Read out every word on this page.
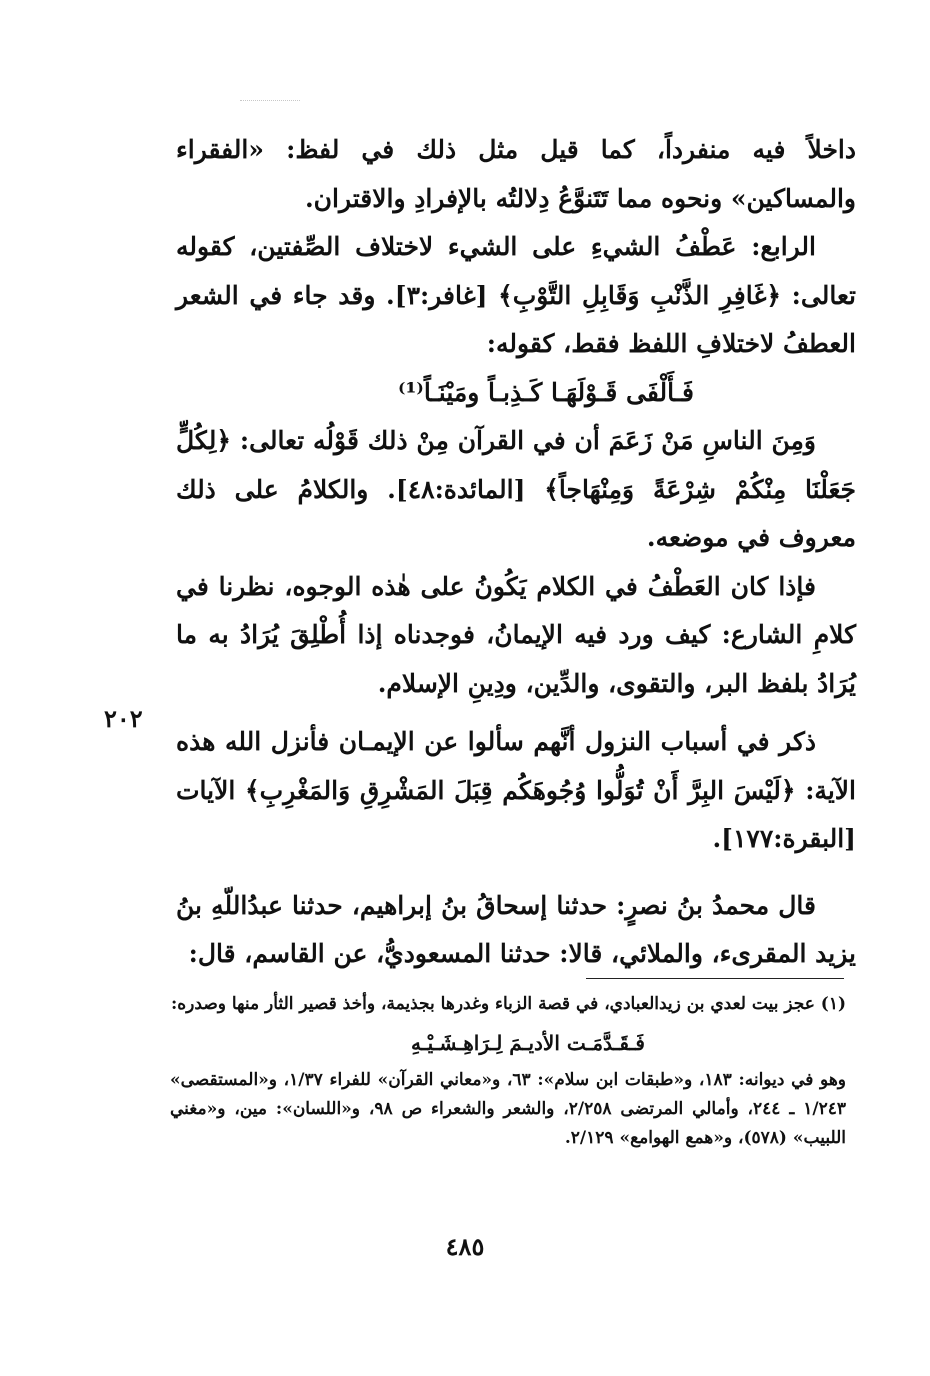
داخلاً فيه منفرداً، كما قيل مثل ذلك في لفظ: «الفقراء والمساكين» ونحوه مما تَتَنوَّعُ دِلالتُه بالإفرادِ والاقتران.

الرابع: عَطْفُ الشيءِ على الشيء لاختلاف الصِّفتين، كقوله تعالى: ﴿غَافِرِ الذَّنْبِ وَقَابِلِ التَّوْبِ﴾ [غافر:٣]. وقد جاء في الشعر العطفُ لاختلافِ اللفظ فقط، كقوله:

فَـأَلْفَى قَـوْلَهَـا كَـذِبـاً ومَيْنَـاً⁽¹⁾

وَمِنَ الناسِ مَنْ زَعَمَ أن في القرآن مِنْ ذلك قَوْلُه تعالى: ﴿لِكُلٍّ جَعَلْنَا مِنْكُمْ شِرْعَةً وَمِنْهَاجاً﴾ [المائدة:٤٨]. والكلامُ على ذلك معروف في موضعه.

فإذا كان العَطْفُ في الكلام يَكُونُ على هٰذه الوجوه، نظرنا في كلامِ الشارع: كيف ورد فيه الإيمانُ، فوجدناه إذا أُطْلِقَ يُرَادُ به ما يُرَادُ بلفظ البر، والتقوى، والدِّين، ودِينِ الإسلام.

ذكر في أسباب النزول أنَّهم سألوا عن الإيمـان فأنزل الله هذه الآية: ﴿لَيْسَ البِرَّ أَنْ تُوَلُّوا وُجُوهَكُم قِبَلَ المَشْرِقِ وَالمَغْرِبِ﴾ الآيات [البقرة:١٧٧].

قال محمدُ بنُ نصرٍ: حدثنا إسحاقُ بنُ إبراهيم، حدثنا عبدُاللّهِ بنُ يزيد المقرىء، والملائي، قالا: حدثنا المسعوديُّ، عن القاسم، قال:

٢٠٢

(١) عجز بيت لعدي بن زيدالعبادي، في قصة الزباء وغدرها بجذيمة، وأخذ قصير الثأر منها وصدره:

فَـقَـدَّمَـت الأديـمَ لِـرَاهِـشَـيْـهِ

وهو في ديوانه: ١٨٣، و«طبقات ابن سلام»: ٦٣، و«معاني القرآن» للفراء ١/٣٧، و«المستقصى» ١/٢٤٣ ـ ٢٤٤، وأمالي المرتضى ٢/٢٥٨، والشعر والشعراء ص ٩٨، و«اللسان»: مين، و«مغني اللبيب» (٥٧٨)، و«همع الهوامع» ٢/١٢٩.

٤٨٥
